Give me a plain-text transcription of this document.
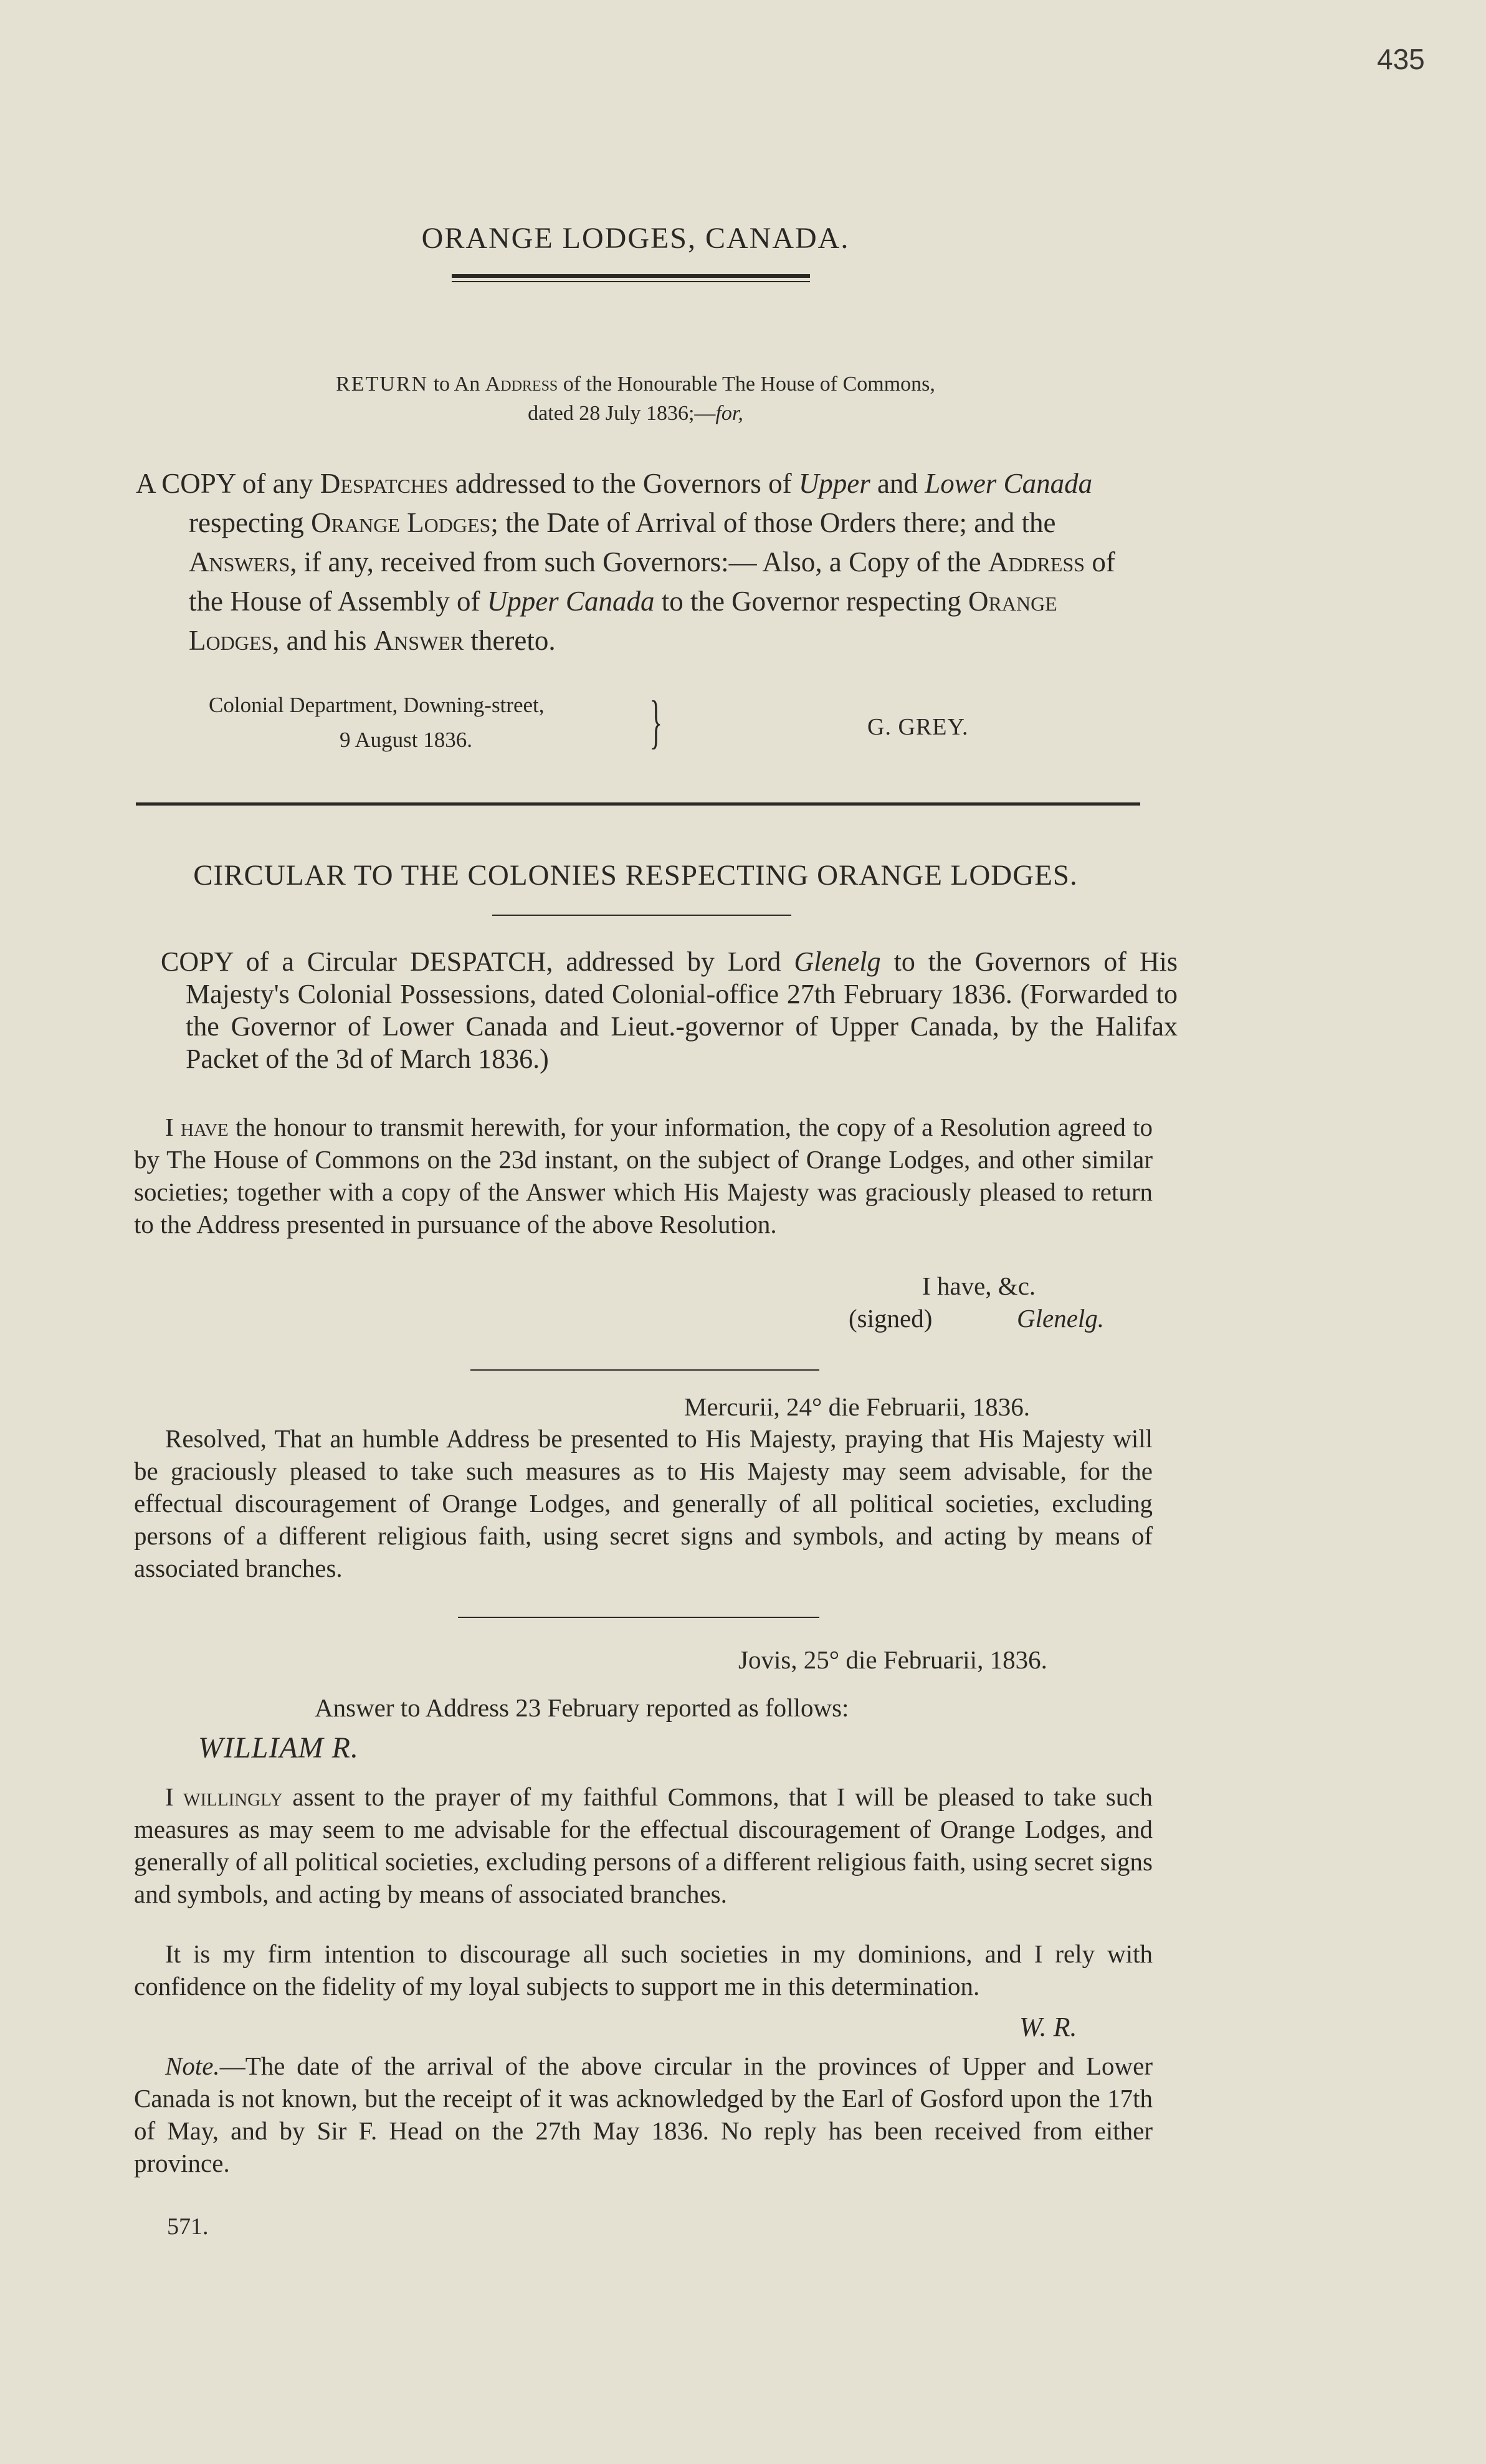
435
ORANGE LODGES, CANADA.
RETURN to An Address of the Honourable The House of Commons,
dated 28 July 1836;—for,

A COPY of any Despatches addressed to the Governors of Upper and Lower Canada respecting Orange Lodges; the Date of Arrival of those Orders there; and the Answers, if any, received from such Governors:— Also, a Copy of the Address of the House of Assembly of Upper Canada to the Governor respecting Orange Lodges, and his Answer thereto.

Colonial Department, Downing-street,
9 August 1836.	}	G. GREY.
CIRCULAR TO THE COLONIES RESPECTING ORANGE LODGES.
COPY of a Circular DESPATCH, addressed by Lord Glenelg to the Governors of His Majesty's Colonial Possessions, dated Colonial-office 27th February 1836. (Forwarded to the Governor of Lower Canada and Lieut.-governor of Upper Canada, by the Halifax Packet of the 3d of March 1836.)
I have the honour to transmit herewith, for your information, the copy of a Resolution agreed to by The House of Commons on the 23d instant, on the subject of Orange Lodges, and other similar societies; together with a copy of the Answer which His Majesty was graciously pleased to return to the Address presented in pursuance of the above Resolution.
I have, &c.
(signed)	Glenelg.
Mercurii, 24° die Februarii, 1836.
Resolved, That an humble Address be presented to His Majesty, praying that His Majesty will be graciously pleased to take such measures as to His Majesty may seem advisable, for the effectual discouragement of Orange Lodges, and generally of all political societies, excluding persons of a different religious faith, using secret signs and symbols, and acting by means of associated branches.
Jovis, 25° die Februarii, 1836.
Answer to Address 23 February reported as follows:
WILLIAM R.
I willingly assent to the prayer of my faithful Commons, that I will be pleased to take such measures as may seem to me advisable for the effectual discouragement of Orange Lodges, and generally of all political societies, excluding persons of a different religious faith, using secret signs and symbols, and acting by means of associated branches.
It is my firm intention to discourage all such societies in my dominions, and I rely with confidence on the fidelity of my loyal subjects to support me in this determination.
W. R.
Note.—The date of the arrival of the above circular in the provinces of Upper and Lower Canada is not known, but the receipt of it was acknowledged by the Earl of Gosford upon the 17th of May, and by Sir F. Head on the 27th May 1836. No reply has been received from either province.
571.
